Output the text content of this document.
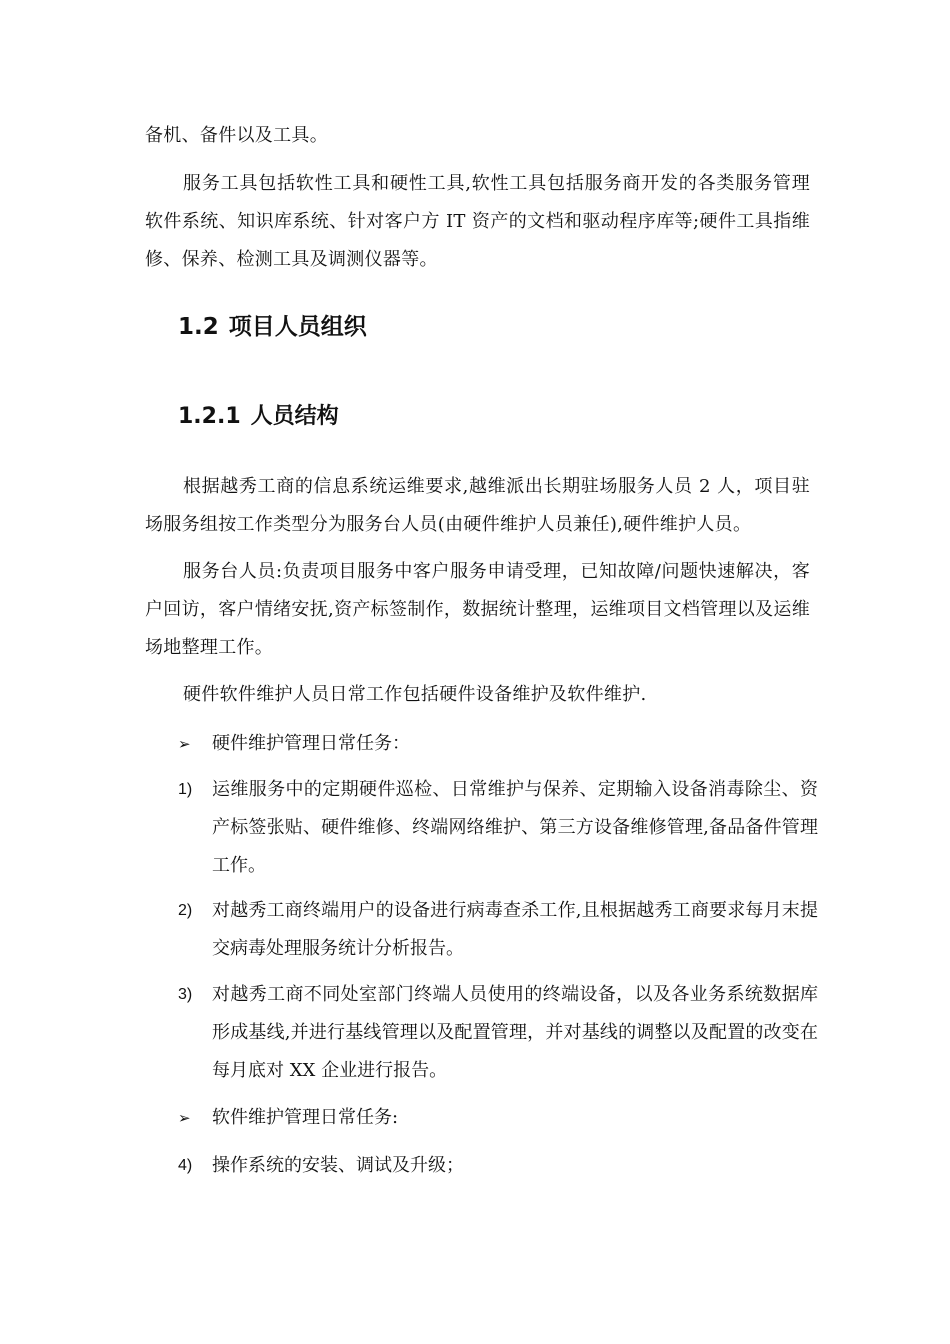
备机、备件以及工具。

服务工具包括软性工具和硬性工具,软性工具包括服务商开发的各类服务管理软件系统、知识库系统、针对客户方 IT 资产的文档和驱动程序库等;硬件工具指维修、保养、检测工具及调测仪器等。

1.2 项目人员组织
1.2.1 人员结构

根据越秀工商的信息系统运维要求,越维派出长期驻场服务人员 2 人，项目驻场服务组按工作类型分为服务台人员(由硬件维护人员兼任),硬件维护人员。

服务台人员:负责项目服务中客户服务申请受理，已知故障/问题快速解决，客户回访，客户情绪安抚,资产标签制作，数据统计整理，运维项目文档管理以及运维场地整理工作。

硬件软件维护人员日常工作包括硬件设备维护及软件维护.

➢	硬件维护管理日常任务：
1) 运维服务中的定期硬件巡检、日常维护与保养、定期输入设备消毒除尘、资产标签张贴、硬件维修、终端网络维护、第三方设备维修管理,备品备件管理工作。
2) 对越秀工商终端用户的设备进行病毒查杀工作,且根据越秀工商要求每月末提交病毒处理服务统计分析报告。
3) 对越秀工商不同处室部门终端人员使用的终端设备，以及各业务系统数据库形成基线,并进行基线管理以及配置管理，并对基线的调整以及配置的改变在每月底对 XX 企业进行报告。
➢	软件维护管理日常任务:
4) 操作系统的安装、调试及升级；
